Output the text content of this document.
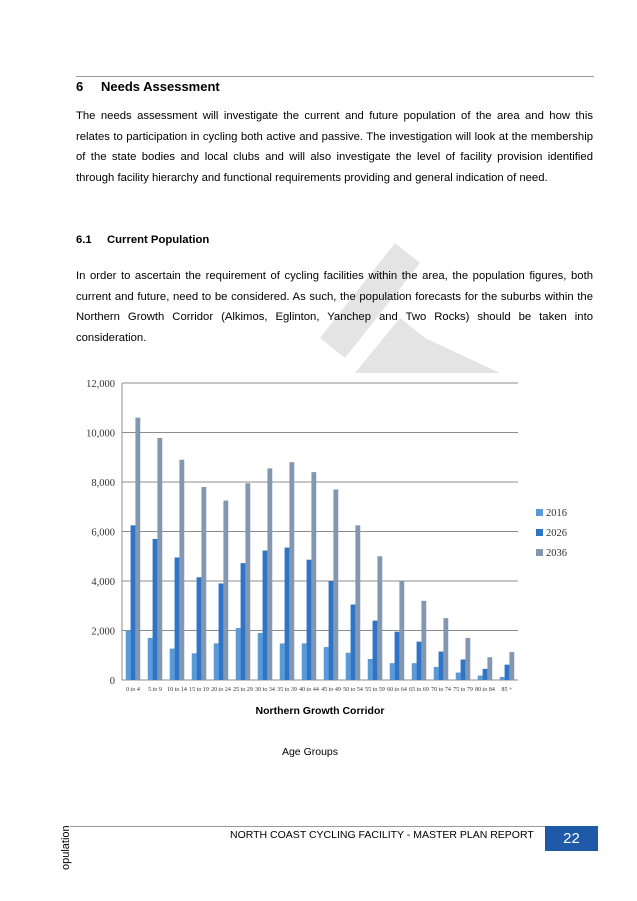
6 Needs Assessment
The needs assessment will investigate the current and future population of the area and how this relates to participation in cycling both active and passive. The investigation will look at the membership of the state bodies and local clubs and will also investigate the level of facility provision identified through facility hierarchy and functional requirements providing and general indication of need.
6.1 Current Population
In order to ascertain the requirement of cycling facilities within the area, the population figures, both current and future, need to be considered. As such, the population forecasts for the suburbs within the Northern Growth Corridor (Alkimos, Eglinton, Yanchep and Two Rocks) should be taken into consideration.
0
2,000
4,000
6,000
8,000
10,000
12,000
0 to 4 5 to 9 10 to 14 15 to 19 20 to 24 25 to 29 30 to 34 35 to 39 40 to 44 45 to 49 50 to 54 55 to 59 60 to 64 65 to 69 70 to 74 75 to 79 80 to 84 85 +
2016
2026
2036
Northern Growth Corridor
Age Groups
NORTH COAST CYCLING FACILITY - MASTER PLAN REPORT	22
opulation
